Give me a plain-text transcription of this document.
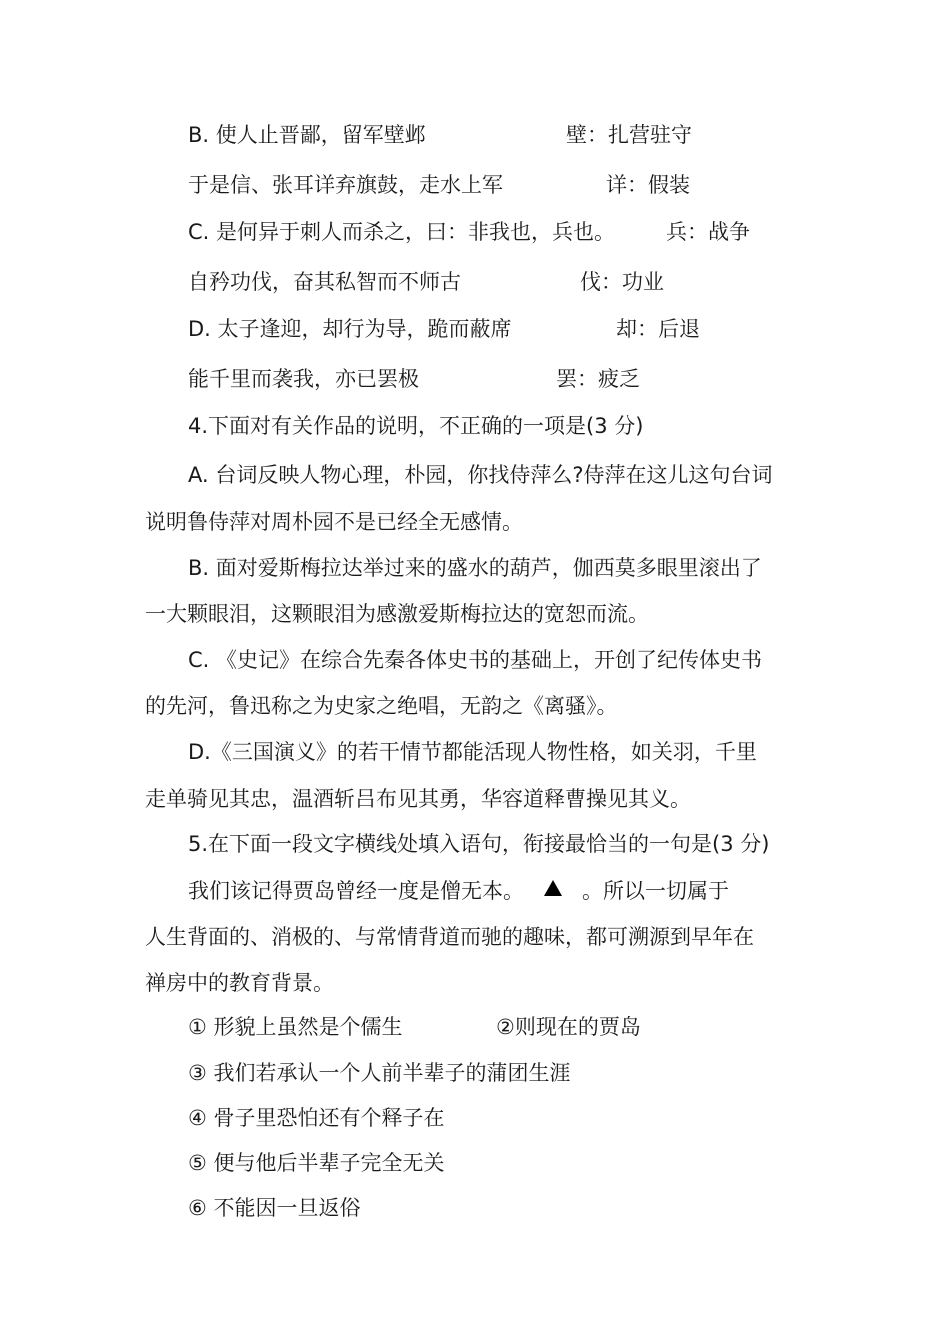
B. 使人止晋鄙，留军壁邺	壁：扎营驻守
于是信、张耳详弃旗鼓，走水上军	详：假装
C. 是何异于刺人而杀之，曰：非我也，兵也。 兵：战争
自矜功伐，奋其私智而不师古	伐：功业
D. 太子逢迎，却行为导，跪而蔽席	却：后退
能千里而袭我，亦已罢极	罢：疲乏
4.下面对有关作品的说明，不正确的一项是(3 分)
A. 台词反映人物心理，朴园，你找侍萍么?侍萍在这儿这句台词
说明鲁侍萍对周朴园不是已经全无感情。
B. 面对爱斯梅拉达举过来的盛水的葫芦，伽西莫多眼里滚出了
一大颗眼泪，这颗眼泪为感激爱斯梅拉达的宽恕而流。
C. 《史记》在综合先秦各体史书的基础上，开创了纪传体史书
的先河，鲁迅称之为史家之绝唱，无韵之《离骚》。
D.《三国演义》的若干情节都能活现人物性格，如关羽，千里
走单骑见其忠，温酒斩吕布见其勇，华容道释曹操见其义。
5.在下面一段文字横线处填入语句，衔接最恰当的一句是(3 分)
我们该记得贾岛曾经一度是僧无本。	。所以一切属于
人生背面的、消极的、与常情背道而驰的趣味，都可溯源到早年在
禅房中的教育背景。
① 形貌上虽然是个儒生	②则现在的贾岛
③ 我们若承认一个人前半辈子的蒲团生涯
④ 骨子里恐怕还有个释子在
⑤ 便与他后半辈子完全无关
⑥ 不能因一旦返俗
